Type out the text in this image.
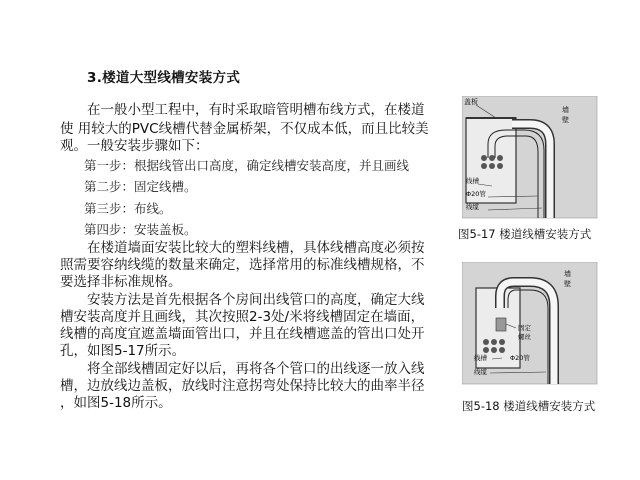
3.楼道大型线槽安装方式
　　在一般小型工程中，有时采取暗管明槽布线方式，在楼道
使 用较大的PVC线槽代替金属桥架，不仅成本低，而且比较美
观。一般安装步骤如下：
第一步：根据线管出口高度，确定线槽安装高度，并且画线
第二步：固定线槽。
第三步：布线。
第四步：安装盖板。
　　在楼道墙面安装比较大的塑料线槽，具体线槽高度必须按
照需要容纳线缆的数量来确定，选择常用的标准线槽规格，不
要选择非标准规格。
　　安装方法是首先根据各个房间出线管口的高度，确定大线
槽安装高度并且画线，其次按照2-3处/米将线槽固定在墙面，
线槽的高度宜遮盖墙面管出口，并且在线槽遮盖的管出口处开
孔，如图5-17所示。
　　将全部线槽固定好以后，再将各个管口的出线逐一放入线
槽，边放线边盖板，放线时注意拐弯处保持比较大的曲率半径
，如图5-18所示。
盖板
墙
壁
线槽
Φ20管
线缆
图5-17 楼道线槽安装方式
墙
壁
固定
螺丝
线槽	Φ20管
线缆
图5-18 楼道线槽安装方式
